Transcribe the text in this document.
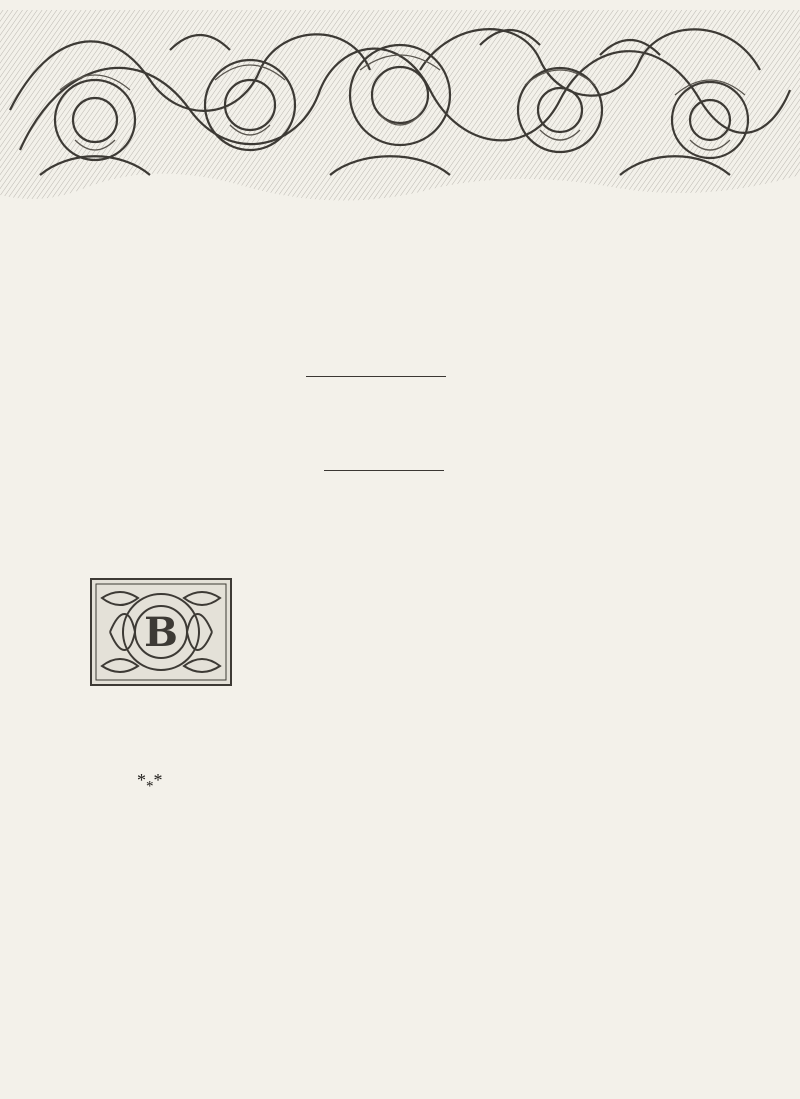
B
$*_**$
